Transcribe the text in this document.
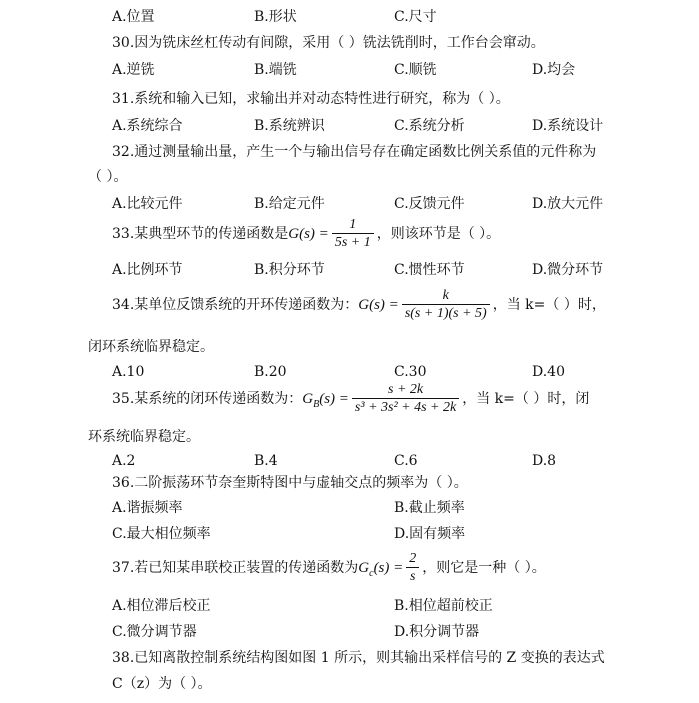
A.位置	B.形状	C.尺寸
30.因为铣床丝杠传动有间隙，采用（ ）铣法铣削时，工作台会窜动。
A.逆铣	B.端铣	C.顺铣	D.均会
31.系统和输入已知，求输出并对动态特性进行研究，称为（ ）。
A.系统综合	B.系统辨识	C.系统分析	D.系统设计
32.通过测量输出量，产生一个与输出信号存在确定函数比例关系值的元件称为
（ ）。
A.比较元件	B.给定元件	C.反馈元件	D.放大元件
33.某典型环节的传递函数是$G(s) = \frac{1}{5s + 1}$ ，则该环节是（ ）。
A.比例环节	B.积分环节	C.惯性环节	D.微分环节
34.某单位反馈系统的开环传递函数为：$G(s) = \frac{k}{s(s + 1)(s + 5)}$ ，当 k=（ ）时，
闭环系统临界稳定。
A.10	B.20	C.30	D.40
35.某系统的闭环传递函数为：$G_B(s) = \frac{s + 2k}{\text{s³ + 3s² + 4s + 2k}}$ ，当 k=（ ）时，闭
环系统临界稳定。
A.2	B.4	C.6	D.8
36.二阶振荡环节奈奎斯特图中与虚轴交点的频率为（ ）。
A.谐振频率	B.截止频率
C.最大相位频率	D.固有频率
37.若已知某串联校正装置的传递函数为$G_c(s) = \frac{2}{s}$ ，则它是一种（ ）。
A.相位滞后校正	B.相位超前校正
C.微分调节器	D.积分调节器
38.已知离散控制系统结构图如图 1 所示，则其输出采样信号的 Z 变换的表达式
C（z）为（ ）。
